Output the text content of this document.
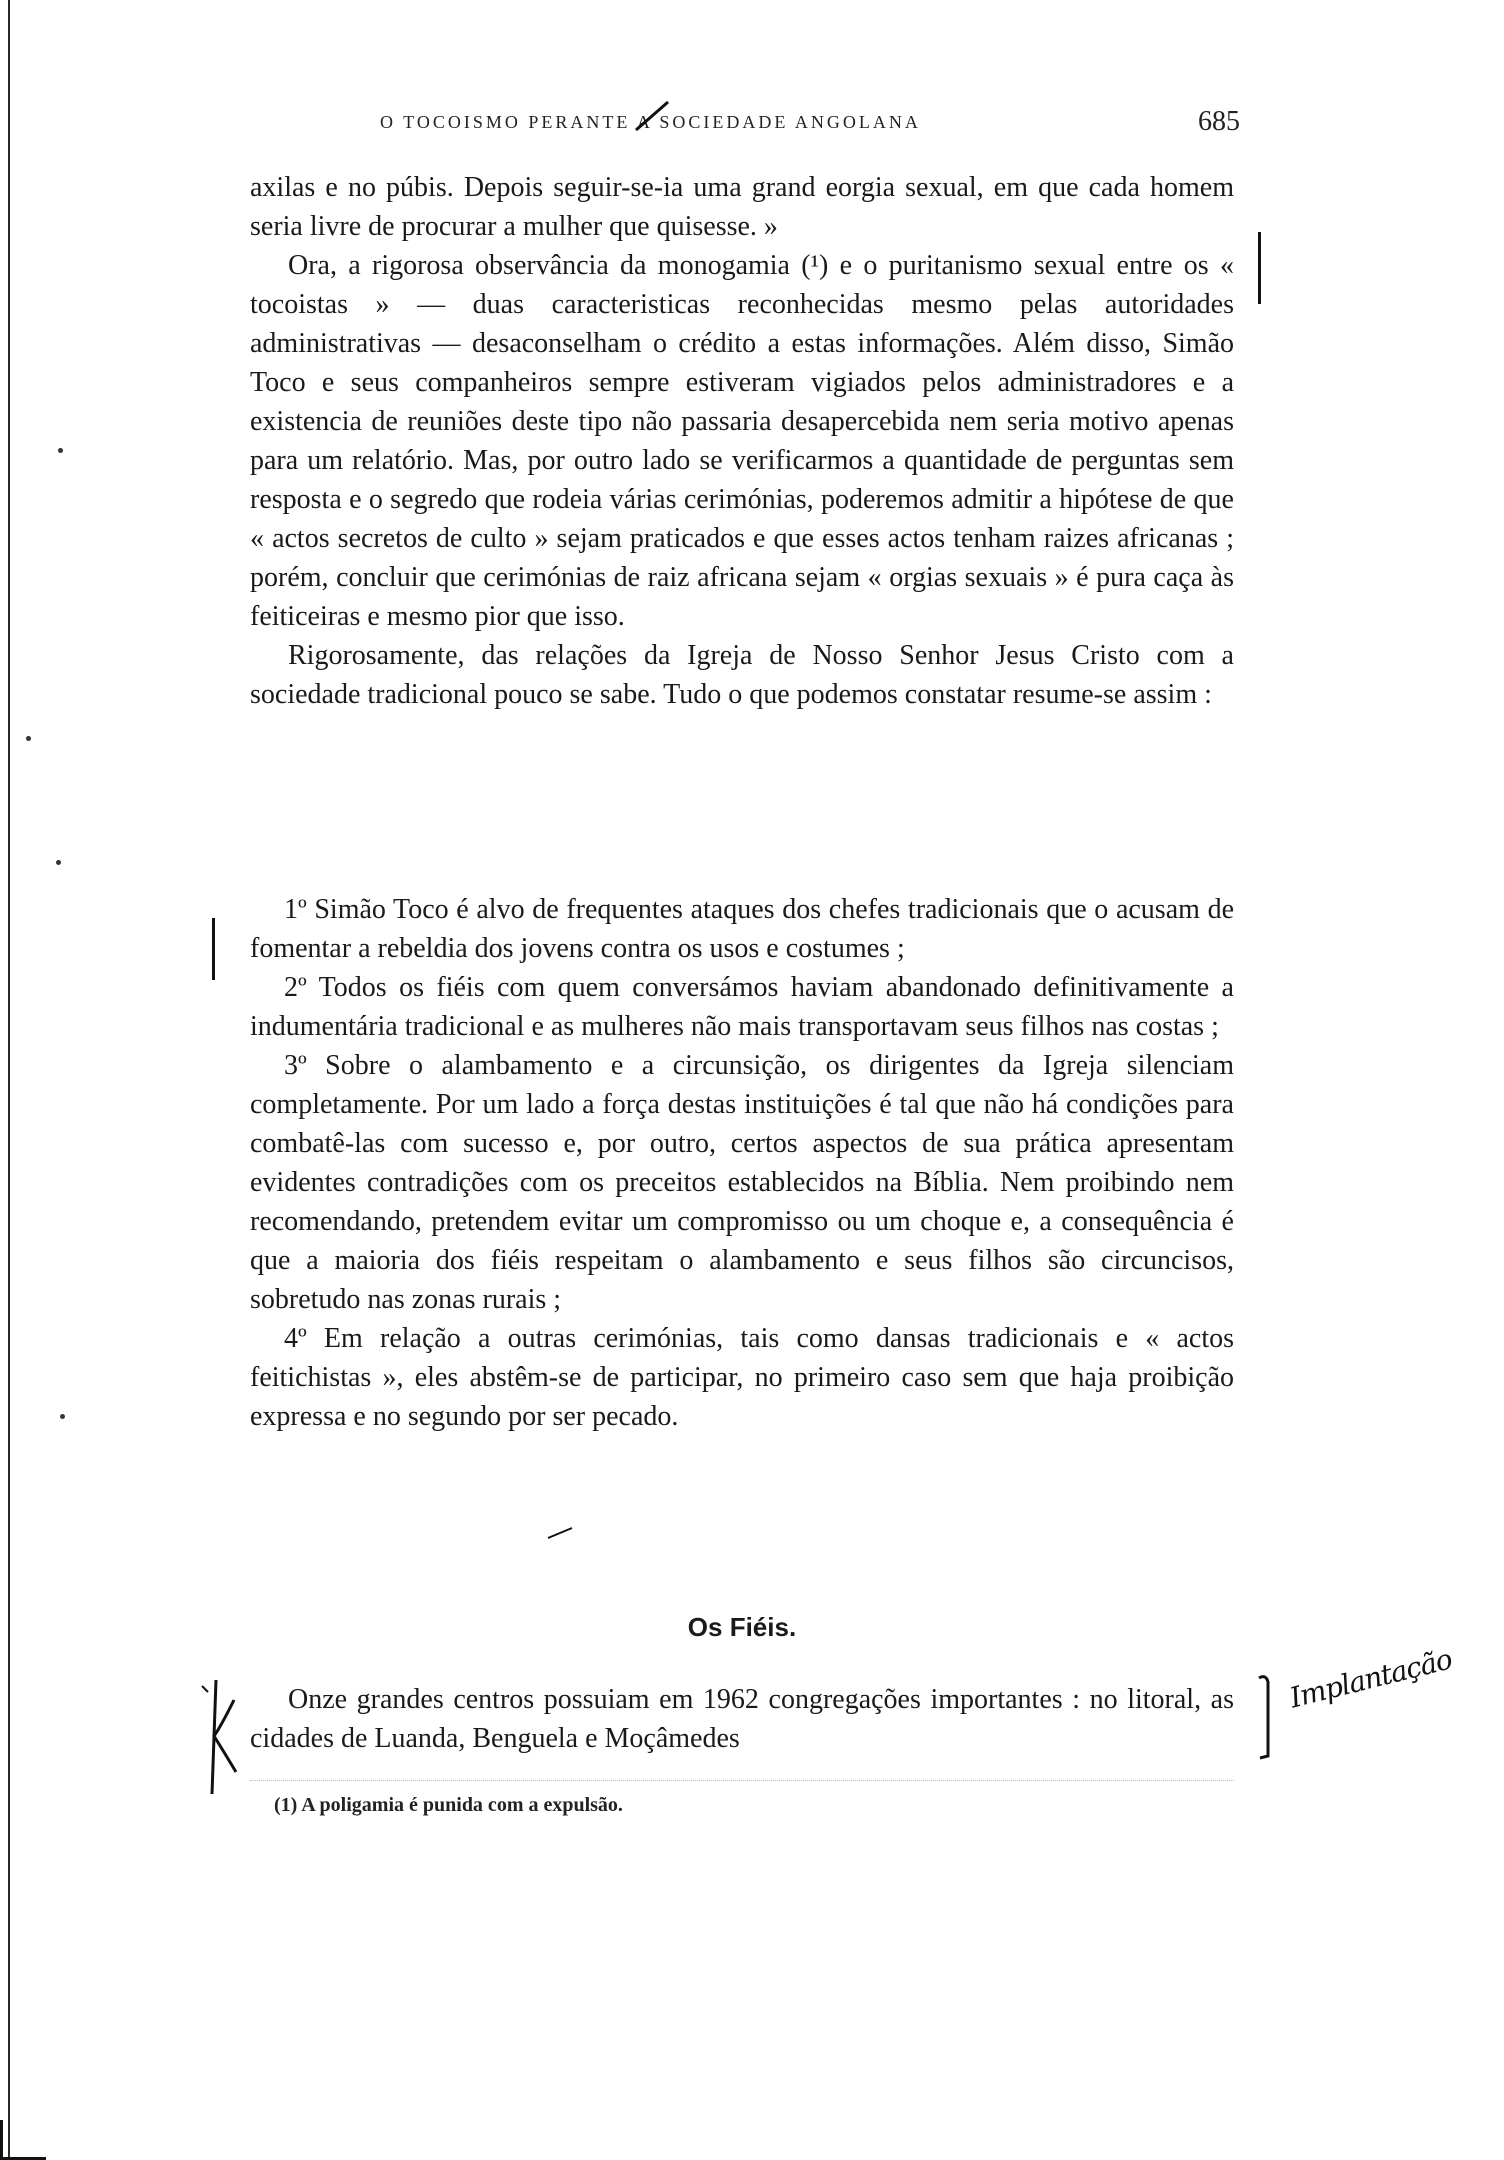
O TOCOISMO PERANTE A SOCIEDADE ANGOLANA	685

axilas e no púbis. Depois seguir-se-ia uma grand eorgia sexual, em que cada homem seria livre de procurar a mulher que quisesse. »

Ora, a rigorosa observância da monogamia (¹) e o puritanismo sexual entre os « tocoistas » — duas caracteristicas reconhecidas mesmo pelas autoridades administrativas — desaconselham o crédito a estas informações. Além disso, Simão Toco e seus companheiros sempre estiveram vigiados pelos administradores e a existencia de reuniões deste tipo não passaria desapercebida nem seria motivo apenas para um relatório. Mas, por outro lado se verificarmos a quantidade de perguntas sem resposta e o segredo que rodeia várias cerimónias, poderemos admitir a hipótese de que « actos secretos de culto » sejam praticados e que esses actos tenham raizes africanas ; porém, concluir que cerimónias de raiz africana sejam « orgias sexuais » é pura caça às feiticeiras e mesmo pior que isso.

Rigorosamente, das relações da Igreja de Nosso Senhor Jesus Cristo com a sociedade tradicional pouco se sabe. Tudo o que podemos constatar resume-se assim :

1º Simão Toco é alvo de frequentes ataques dos chefes tradicionais que o acusam de fomentar a rebeldia dos jovens contra os usos e costumes ;

2º Todos os fiéis com quem conversámos haviam abandonado definitivamente a indumentária tradicional e as mulheres não mais transportavam seus filhos nas costas ;

3º Sobre o alambamento e a circunsição, os dirigentes da Igreja silenciam completamente. Por um lado a força destas instituições é tal que não há condições para combatê-las com sucesso e, por outro, certos aspectos de sua prática apresentam evidentes contradições com os preceitos establecidos na Bíblia. Nem proibindo nem recomendando, pretendem evitar um compromisso ou um choque e, a consequência é que a maioria dos fiéis respeitam o alambamento e seus filhos são circuncisos, sobretudo nas zonas rurais ;

4º Em relação a outras cerimónias, tais como dansas tradicionais e « actos feitichistas », eles abstêm-se de participar, no primeiro caso sem que haja proibição expressa e no segundo por ser pecado.

Os Fiéis.

Onze grandes centros possuiam em 1962 congregações importantes : no litoral, as cidades de Luanda, Benguela e Moçâmedes

(1) A poligamia é punida com a expulsão.
Implantação
